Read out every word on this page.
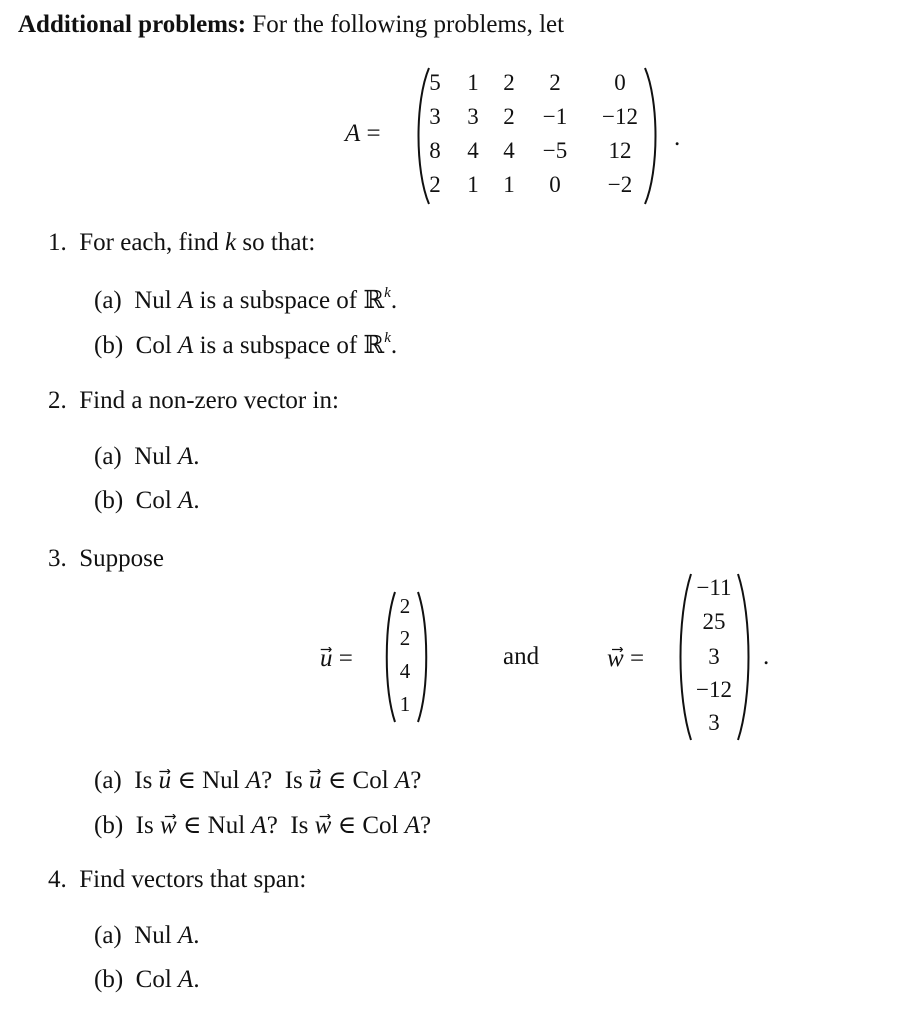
Additional problems: For the following problems, let
A =
5	1	2	2	0
3	3	2	−1	−12
8	4	4	−5	12
2	1	1	0	−2
.
1. For each, find k so that:
(a) Nul A is a subspace of ℝ$^k$.
(b) Col A is a subspace of ℝ$^k$.
2. Find a non-zero vector in:
(a) Nul A.
(b) Col A.
3. Suppose
u =
2
2
4
1
and	w =
−11
25
3
−12
3
.
(a) Is u ∈ Nul A? Is u ∈ Col A?
(b) Is w ∈ Nul A? Is w ∈ Col A?
4. Find vectors that span:
(a) Nul A.
(b) Col A.
